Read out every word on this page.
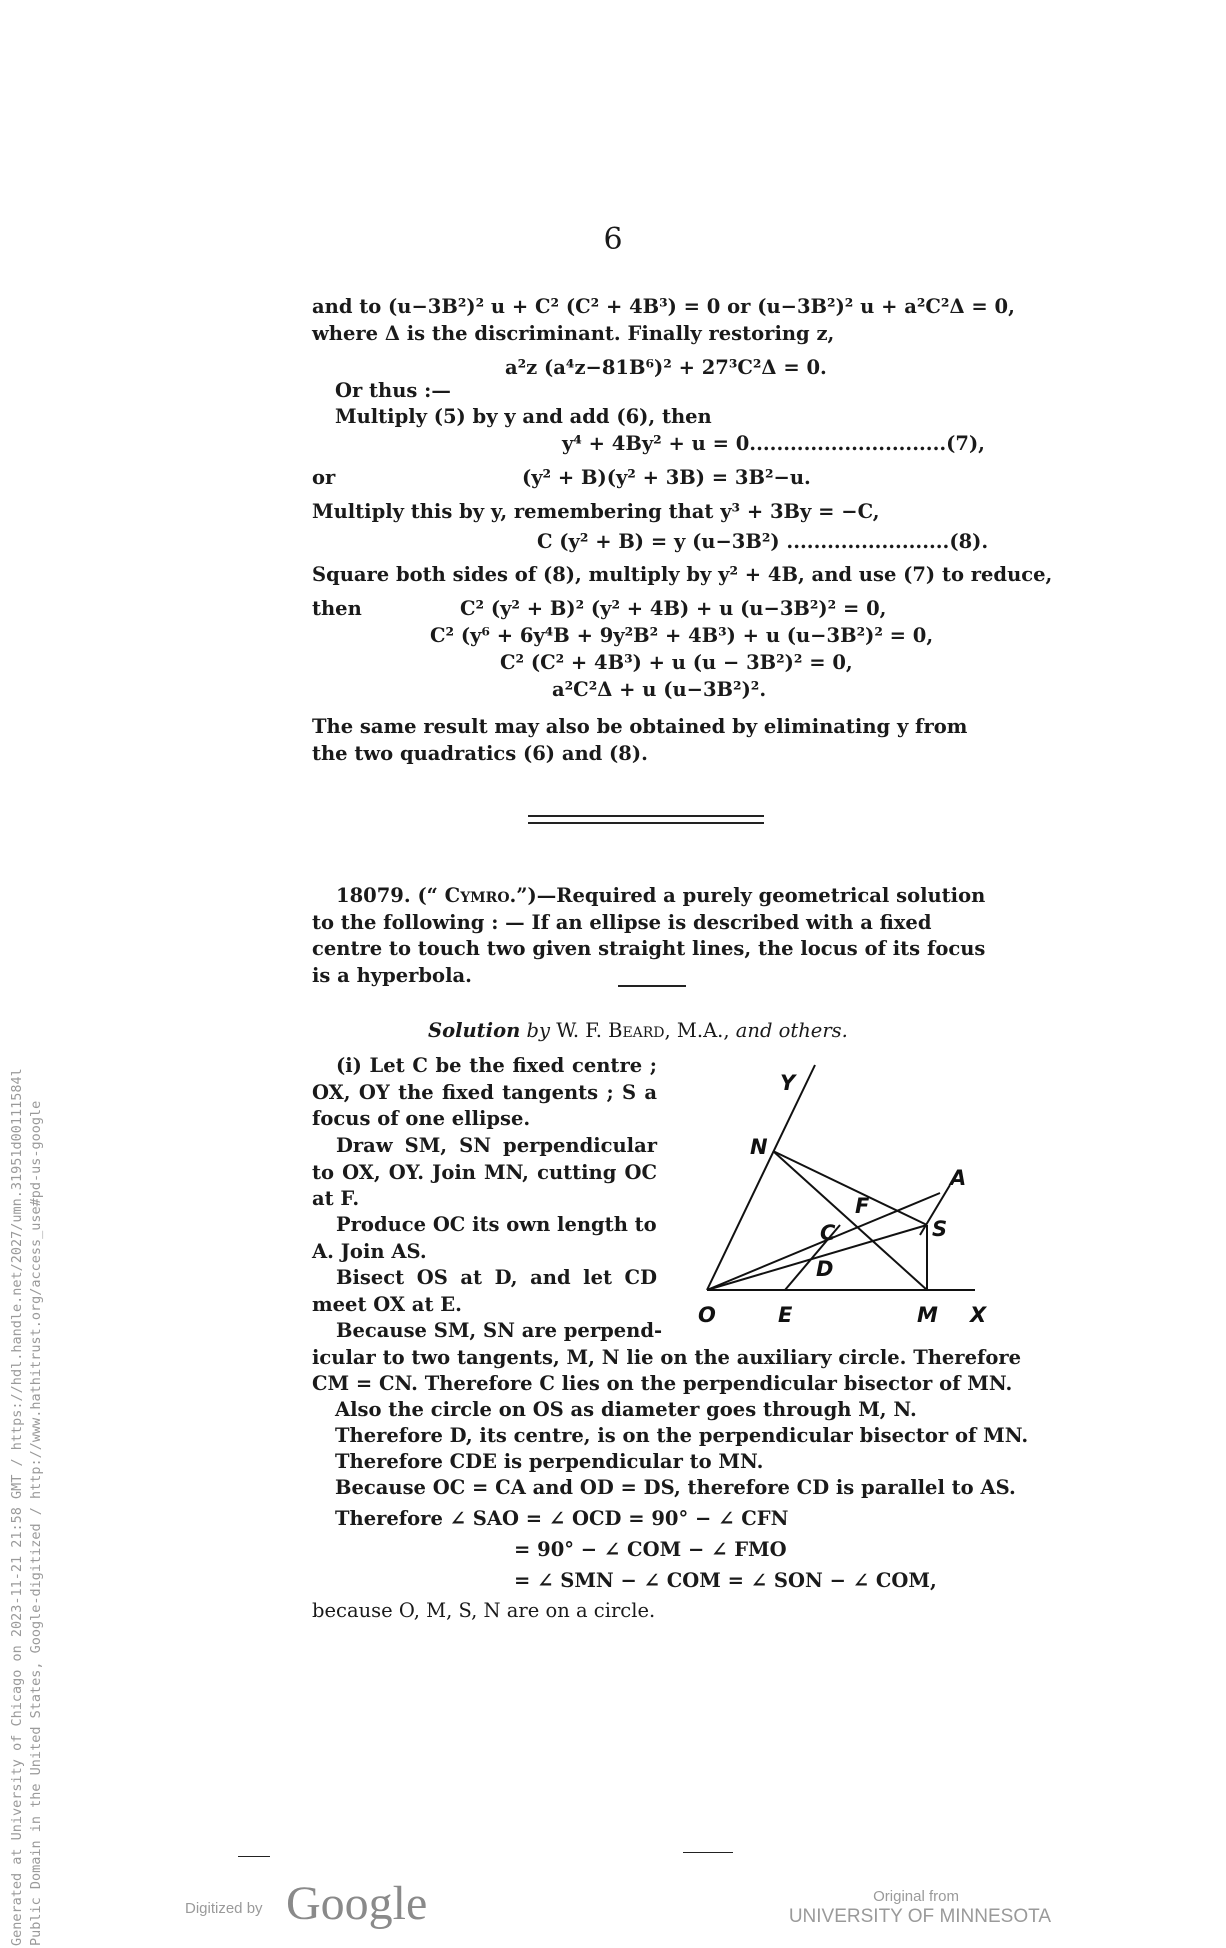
6
and to (u−3B²)² u + C² (C² + 4B³) = 0 or (u−3B²)² u + a²C²Δ = 0,
where Δ is the discriminant. Finally restoring z,
a²z (a⁴z−81B⁶)² + 27³C²Δ = 0.
Or thus :—
Multiply (5) by y and add (6), then
y⁴ + 4By² + u = 0.............................(7),
or	(y² + B)(y² + 3B) = 3B²−u.
Multiply this by y, remembering that y³ + 3By = −C,
C (y² + B) = y (u−3B²) ........................(8).
Square both sides of (8), multiply by y² + 4B, and use (7) to reduce,
then	C² (y² + B)² (y² + 4B) + u (u−3B²)² = 0,
C² (y⁶ + 6y⁴B + 9y²B² + 4B³) + u (u−3B²)² = 0,
C² (C² + 4B³) + u (u − 3B²)² = 0,
a²C²Δ + u (u−3B²)².
The same result may also be obtained by eliminating y from the two quadratics (6) and (8).
18079. (“ Cymro.”)—Required a purely geometrical solution to the following : — If an ellipse is described with a fixed centre to touch two given straight lines, the locus of its focus is a hyperbola.
Solution by W. F. Beard, M.A., and others.
(i) Let C be the fixed centre ; OX, OY the fixed tangents ; S a focus of one ellipse.
Draw SM, SN perpendicular to OX, OY. Join MN, cutting OC at F.
Produce OC its own length to A. Join AS.
Bisect OS at D, and let CD meet OX at E.
Because SM, SN are perpend-
Y
N
A
F
C	S
D
O	E	M X
icular to two tangents, M, N lie on the auxiliary circle. Therefore
CM = CN. Therefore C lies on the perpendicular bisector of MN.
Also the circle on OS as diameter goes through M, N.
Therefore D, its centre, is on the perpendicular bisector of MN.
Therefore CDE is perpendicular to MN.
Because OC = CA and OD = DS, therefore CD is parallel to AS.
Therefore ∠ SAO = ∠ OCD = 90° − ∠ CFN
= 90° − ∠ COM − ∠ FMO
= ∠ SMN − ∠ COM = ∠ SON − ∠ COM,
because O, M, S, N are on a circle.
Generated at University of Chicago on 2023-11-21 21:58 GMT / https://hdl.handle.net/2027/umn.31951d00111584l Public Domain in the United States, Google-digitized / http://www.hathitrust.org/access_use#pd-us-google	Digitized by Google	Original from
UNIVERSITY OF MINNESOTA
